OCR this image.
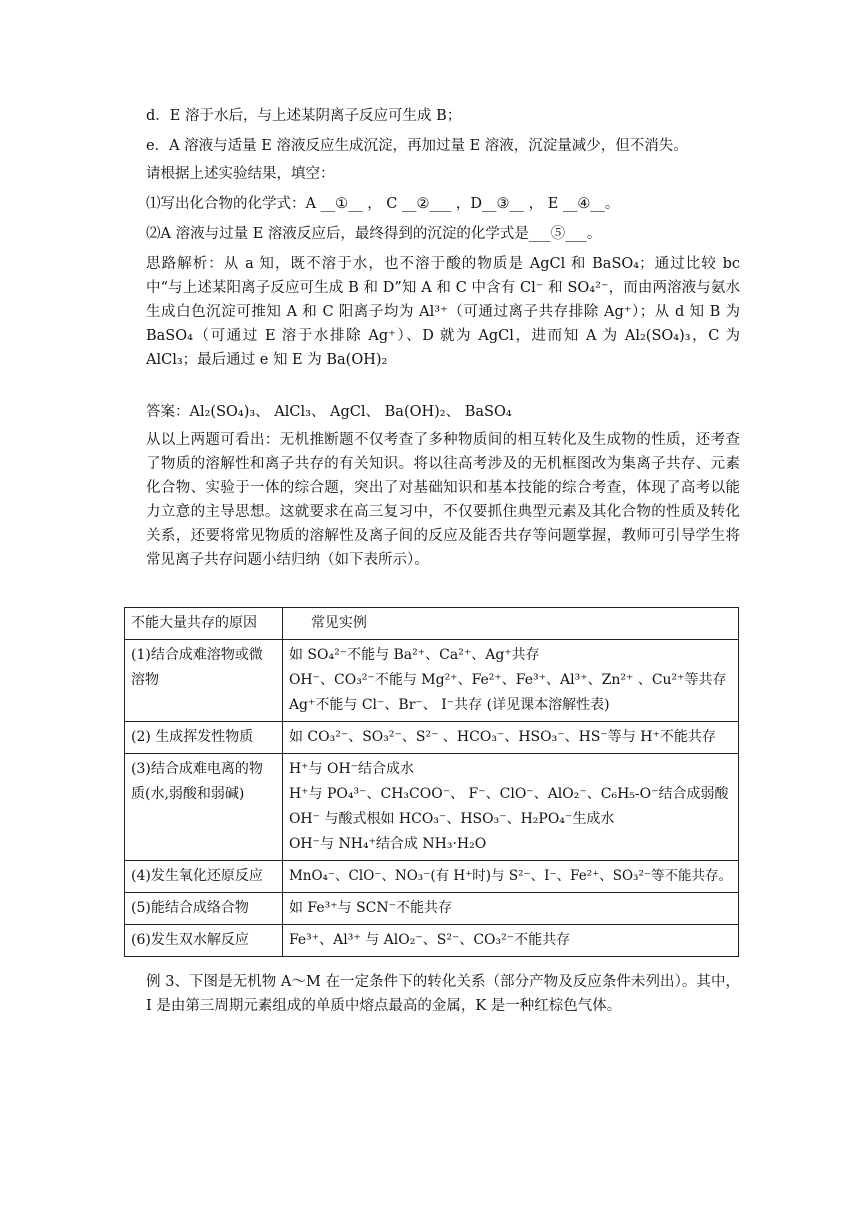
d．E 溶于水后，与上述某阴离子反应可生成 B；
e．A 溶液与适量 E 溶液反应生成沉淀，再加过量 E 溶液，沉淀量减少，但不消失。
请根据上述实验结果，填空：
⑴写出化合物的化学式：A __①__ ， C __②___ ，D__③__ ， E __④__。
⑵A 溶液与过量 E 溶液反应后，最终得到的沉淀的化学式是___⑤___。
思路解析：从 a 知，既不溶于水，也不溶于酸的物质是 AgCl 和 BaSO₄；通过比较 bc 中“与上述某阳离子反应可生成 B 和 D”知 A 和 C 中含有 Cl⁻ 和 SO₄²⁻，而由两溶液与氨水生成白色沉淀可推知 A 和 C 阳离子均为 Al³⁺（可通过离子共存排除 Ag⁺）；从 d 知 B 为 BaSO₄（可通过 E 溶于水排除 Ag⁺）、D 就为 AgCl，进而知 A 为 Al₂(SO₄)₃，C 为 AlCl₃；最后通过 e 知 E 为 Ba(OH)₂
答案：Al₂(SO₄)₃、 AlCl₃、 AgCl、 Ba(OH)₂、 BaSO₄
从以上两题可看出：无机推断题不仅考查了多种物质间的相互转化及生成物的性质，还考查了物质的溶解性和离子共存的有关知识。将以往高考涉及的无机框图改为集离子共存、元素化合物、实验于一体的综合题，突出了对基础知识和基本技能的综合考查，体现了高考以能力立意的主导思想。这就要求在高三复习中，不仅要抓住典型元素及其化合物的性质及转化关系，还要将常见物质的溶解性及离子间的反应及能否共存等问题掌握，教师可引导学生将常见离子共存问题小结归纳（如下表所示）。
不能大量共存的原因	常见实例
(1)结合成难溶物或微溶物	如 SO₄²⁻不能与 Ba²⁺、Ca²⁺、Ag⁺共存
OH⁻、CO₃²⁻不能与 Mg²⁺、Fe²⁺、Fe³⁺、Al³⁺、Zn²⁺ 、Cu²⁺等共存
Ag⁺不能与 Cl⁻、Br⁻、 I⁻共存 (详见课本溶解性表)

(2) 生成挥发性物质	如 CO₃²⁻、SO₃²⁻、S²⁻ 、HCO₃⁻、HSO₃⁻、HS⁻等与 H⁺不能共存

(3)结合成难电离的物质(水,弱酸和弱碱)	H⁺与 OH⁻结合成水
H⁺与 PO₄³⁻、CH₃COO⁻、 F⁻、ClO⁻、AlO₂⁻、C₆H₅-O⁻结合成弱酸
OH⁻ 与酸式根如 HCO₃⁻、HSO₃⁻、H₂PO₄⁻生成水
OH⁻与 NH₄⁺结合成 NH₃·H₂O

(4)发生氧化还原反应	MnO₄⁻、ClO⁻、NO₃⁻(有 H⁺时)与 S²⁻、I⁻、Fe²⁺、SO₃²⁻等不能共存。

(5)能结合成络合物	如 Fe³⁺与 SCN⁻不能共存

(6)发生双水解反应	Fe³⁺、Al³⁺ 与 AlO₂⁻、S²⁻、CO₃²⁻不能共存
例 3、下图是无机物 A～M 在一定条件下的转化关系（部分产物及反应条件未列出）。其中，I 是由第三周期元素组成的单质中熔点最高的金属，K 是一种红棕色气体。
